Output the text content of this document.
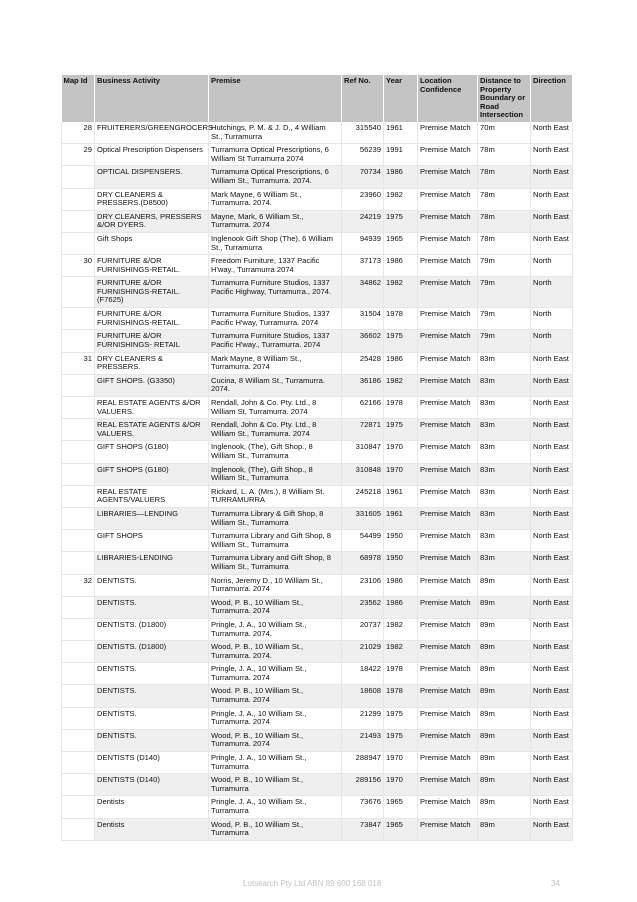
Map Id	Business Activity	Premise	Ref No.	Year	Location Confidence	Distance to Property Boundary or Road Intersection	Direction
28	FRUITERERS/GREENGROCERS	Hutchings, P. M. & J. D., 4 William St., Turramurra	315540	1961	Premise Match	70m	North East
29	Optical Prescription Dispensers	Turramurra Optical Prescriptions, 6 William St Turramurra 2074	56239	1991	Premise Match	78m	North East
	OPTICAL DISPENSERS.	Turramurra Optical Prescriptions, 6 William St., Turramurra. 2074.	70734	1986	Premise Match	78m	North East
	DRY CLEANERS & PRESSERS.(D8500)	Mark Mayne, 6 William St., Turramurra. 2074.	23960	1982	Premise Match	78m	North East
	DRY CLEANERS, PRESSERS &/OR DYERS.	Mayne, Mark, 6 William St., Turramurra. 2074	24219	1975	Premise Match	78m	North East
	Gift Shops	Inglenook Gift Shop (The), 6 William St., Turramurra	94939	1965	Premise Match	78m	North East
30	FURNITURE &/OR FURNISHINGS-RETAIL.	Freedom Furniture, 1337 Pacific H'way., Turramurra 2074	37173	1986	Premise Match	79m	North
	FURNITURE &/OR FURNISHINGS-RETAIL. (F7625)	Turramurra Furniture Studios, 1337 Pacific Highway, Turramurra., 2074.	34862	1982	Premise Match	79m	North
	FURNITURE &/OR FURNISHINGS-RETAIL.	Turramurra Furniture Studios, 1337 Pacific H'way, Turramurra. 2074	31504	1978	Premise Match	79m	North
	FURNITURE &/OR FURNISHINGS- RETAIL	Turramurra Furniture Studios, 1337 Pacific H'way., Turramurra. 2074	36602	1975	Premise Match	79m	North
31	DRY CLEANERS & PRESSERS.	Mark Mayne, 8 William St., Turramurra. 2074	25428	1986	Premise Match	83m	North East
	GIFT SHOPS. (G3350)	Cucina, 8 William St., Turramurra. 2074.	36186	1982	Premise Match	83m	North East
	REAL ESTATE AGENTS &/OR VALUERS.	Rendall, John & Co. Pty. Ltd., 8 William St, Turramurra. 2074	62166	1978	Premise Match	83m	North East
	REAL ESTATE AGENTS &/OR VALUERS.	Rendall, John & Co. Pty. Ltd., 8 William St., Turramurra. 2074	72871	1975	Premise Match	83m	North East
	GIFT SHOPS (G180)	Inglenook, (The), Gift Shop., 8 William St., Turramurra	310847	1970	Premise Match	83m	North East
	GIFT SHOPS (G180)	Inglenook, (The), Gift Shop., 8 William St., Turramurra	310848	1970	Premise Match	83m	North East
	REAL ESTATE AGENTS/VALUERS	Rickard, L. A. (Mrs.), 8 William St. TURRAMURRA	245218	1961	Premise Match	83m	North East
	LIBRARIES—LENDING	Turramurra Library & Gift Shop, 8 William St., Turramurra	331605	1961	Premise Match	83m	North East
	GIFT SHOPS	Turramurra Library and Gift Shop, 8 William St., Turramurra	54499	1950	Premise Match	83m	North East
	LIBRARIES-LENDING	Turramurra Library and Gift Shop, 8 William St., Turramurra	68978	1950	Premise Match	83m	North East
32	DENTISTS.	Norris, Jeremy D., 10 William St., Turramurra. 2074	23106	1986	Premise Match	89m	North East
	DENTISTS.	Wood, P. B., 10 William St., Turramurra. 2074	23562	1986	Premise Match	89m	North East
	DENTISTS. (D1800)	Pringle, J. A., 10 William St., Turramurra. 2074.	20737	1982	Premise Match	89m	North East
	DENTISTS. (D1800)	Wood, P. B., 10 William St., Turramurra. 2074.	21029	1982	Premise Match	89m	North East
	DENTISTS.	Pringle, J. A., 10 William St., Turramurra. 2074	18422	1978	Premise Match	89m	North East
	DENTISTS.	Wood. P. B., 10 William St., Turramurra. 2074	18608	1978	Premise Match	89m	North East
	DENTISTS.	Pringle, J. A., 10 William St., Turramurra. 2074	21299	1975	Premise Match	89m	North East
	DENTISTS.	Wood, P. B., 10 William St., Turramurra. 2074	21493	1975	Premise Match	89m	North East
	DENTISTS (D140)	Pringle, J. A., 10 William St., Turramurra	288947	1970	Premise Match	89m	North East
	DENTISTS (D140)	Wood, P. B., 10 William St., Turramurra	289156	1970	Premise Match	89m	North East
	Dentists	Pringle, J. A., 10 William St., Turramurra	73676	1965	Premise Match	89m	North East
	Dentists	Wood, P. B., 10 William St., Turramurra	73847	1965	Premise Match	89m	North East
Lotsearch Pty Ltd ABN 89 600 168 018	34
